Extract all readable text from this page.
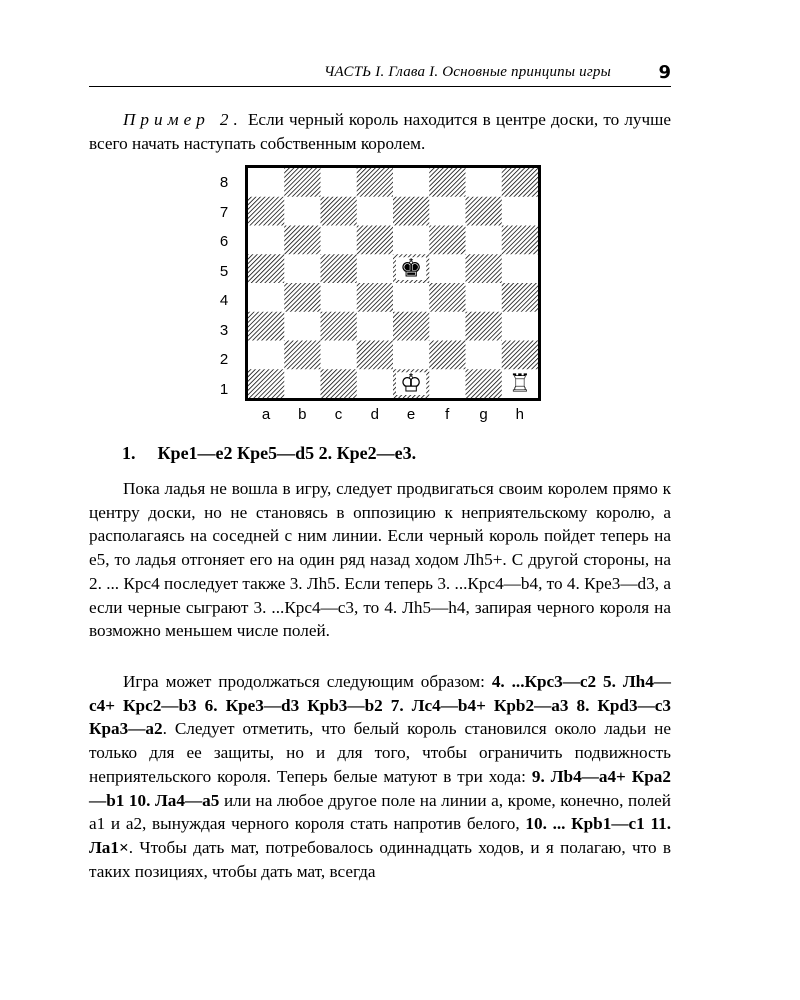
ЧАСТЬ I. Глава I. Основные принципы игры	9
Пример 2. Если черный король находится в центре доски, то лучше всего начать наступать собственным королем.
♚
♔	♖
8
7
6
5
4
3
2
1
a	b	c	d	e	f	g	h
1. Кре1—е2 Кре5—d5 2. Кре2—е3.
Пока ладья не вошла в игру, следует продвигаться своим королем прямо к центру доски, но не становясь в оппозицию к неприятельскому королю, а располагаясь на соседней с ним линии. Если черный король пойдет теперь на е5, то ладья отгоняет его на один ряд назад ходом Лh5+. С другой стороны, на 2. ... Крс4 последует также 3. Лh5. Если теперь 3. ...Крс4—b4, то 4. Кре3—d3, а если черные сыграют 3. ...Крс4—с3, то 4. Лh5—h4, запирая черного короля на возможно меньшем числе полей.
Игра может продолжаться следующим образом: 4. ...Крс3—с2 5. Лh4—с4+ Крс2—b3 6. Кре3—d3 Крb3—b2 7. Лс4—b4+ Крb2—а3 8. Крd3—с3 Кра3—а2. Следует отметить, что белый король становился около ладьи не только для ее защиты, но и для того, чтобы ограничить подвижность неприятельского короля. Теперь белые матуют в три хода: 9. Лb4—а4+ Кра2—b1 10. Ла4—а5 или на любое другое поле на линии а, кроме, конечно, полей а1 и а2, вынуждая черного короля стать напротив белого, 10. ... Крb1—с1 11. Ла1×. Чтобы дать мат, потребовалось одиннадцать ходов, и я полагаю, что в таких позициях, чтобы дать мат, всегда
